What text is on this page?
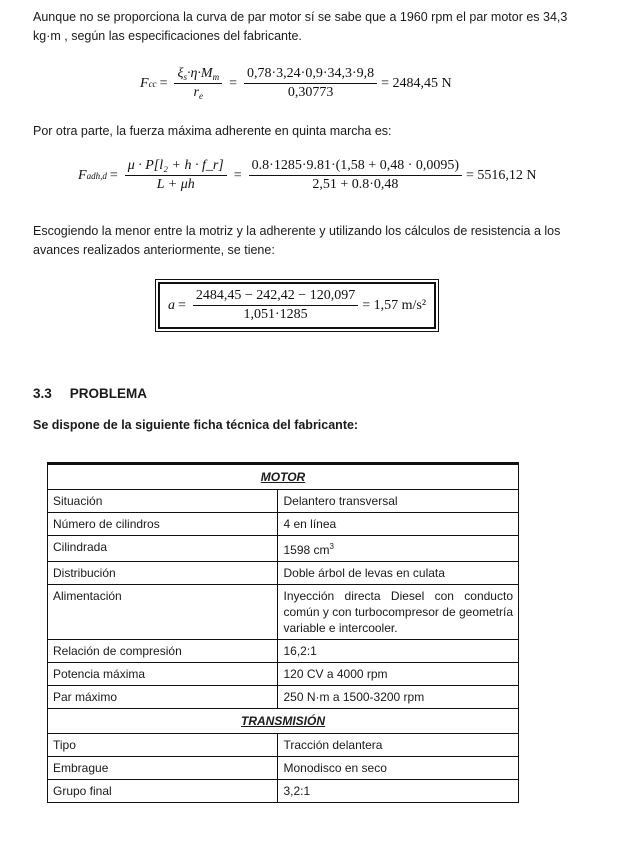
Aunque no se proporciona la curva de par motor sí se sabe que a 1960 rpm el par motor es 34,3 kg·m , según las especificaciones del fabricante.
F cc = $\frac{\xi_s\cdot\eta\cdot M_m}{r_e} = \frac{0,78\cdot 3,24\cdot 0,9\cdot 34,3\cdot 9,8}{0,30773} = 2484,45$ N
Por otra parte, la fuerza máxima adherente en quinta marcha es:
F $adh,d = \frac{\text{μ · P[l₂ + h · f\_r]}}{L + \mu h} = \frac{0.8\cdot 1285\cdot 9.81\cdot(1,58 + 0,48 \cdot 0,0095)}{2,51 + 0.8\cdot 0,48} = 5516,12$ N
Escogiendo la menor entre la motriz y la adherente y utilizando los cálculos de resistencia a los avances realizados anteriormente, se tiene:
$a = \frac{2484,45 - 242,42 - 120,097}{1,051\cdot 1285} = 1,57$ m/s²
3.3 PROBLEMA
Se dispone de la siguiente ficha técnica del fabricante:
MOTOR	
Situación	Delantero transversal
Número de cilindros	4 en línea
Cilindrada	1598 $cm^3$
Distribución	Doble árbol de levas en culata
Alimentación	Inyección directa Diesel con conducto común y con turbocompresor de geometría variable e intercooler.
Relación de compresión	16,2:1
Potencia máxima	120 CV a 4000 rpm
Par máximo	250 N·m a 1500-3200 rpm
TRANSMISIÓN	
Tipo	Tracción delantera
Embrague	Monodisco en seco
Grupo final	3,2:1
